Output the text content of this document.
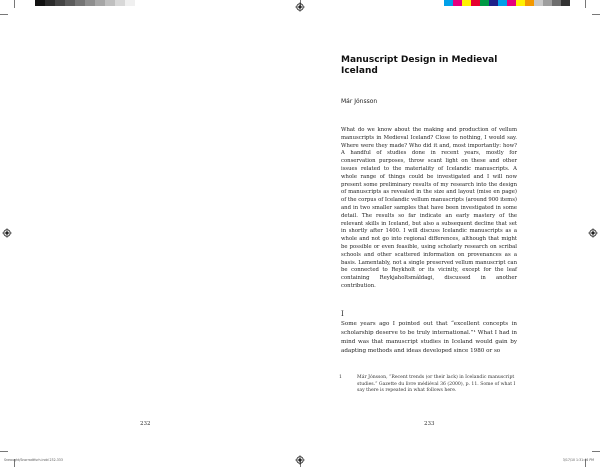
Manuscript Design in Medieval Iceland
Már Jónsson

What do we know about the making and production of vellum manuscripts in Medieval Iceland? Close to nothing, I would say. Where were they made? Who did it and, most importantly: how? A handful of studies done in recent years, mostly for conservation purposes, throw scant light on these and other issues related to the materiality of Icelandic manuscripts. A whole range of things could be investigated and I will now present some preliminary results of my research into the design of manuscripts as revealed in the size and layout (mise en page) of the corpus of Icelandic vellum manuscripts (around 900 items) and in two smaller samples that have been investigated in some detail. The results so far indicate an early mastery of the relevant skills in Iceland, but also a subsequent decline that set in shortly after 1400. I will discuss Icelandic manuscripts as a whole and not go into regional differences, although that might be possible or even feasible, using scholarly research on scribal schools and other scattered information on provenances as a basis. Lamentably, not a single preserved vellum manuscript can be connected to Reykholt or its vicinity, except for the leaf containing Reykjaholtsmáldagi, discussed in another contribution.

I

Some years ago I pointed out that “excellent concepts in scholarship deserve to be truly international.”¹ What I had in mind was that manuscript studies in Iceland would gain by adapting methods and ideas developed since 1980 or so

1	Már Jónsson, “Recent trends (or their lack) in Icelandic manuscript studies.” Gazette du livre médiéval 36 (2000), p. 11. Some of what I say there is repeated in what follows here.
232	233
Sneaught/Snorradtfurh.indd 232-333	3/17/10 1:31:46 PM
